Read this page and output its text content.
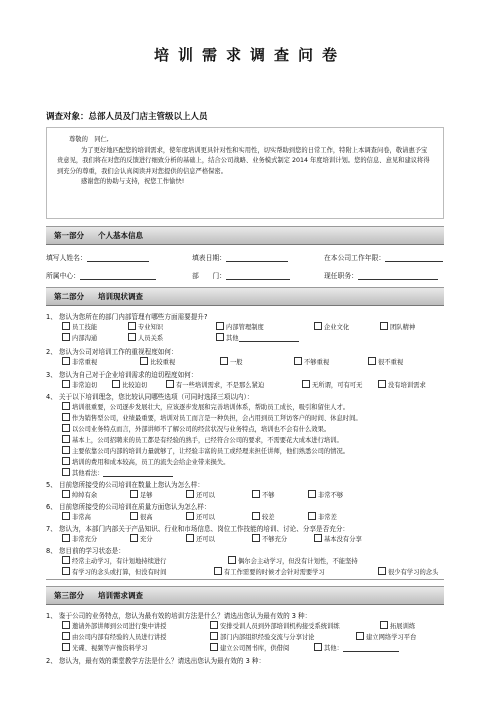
培训需求调查问卷
调查对象：总部人员及门店主管级以上人员
尊敬的　同仁,

为了更好地匹配您的培训需求，使年度培训更具针对性和实用性，切实帮助到您的日常工作，特附上本调查问卷，敬请惠予宝贵意见，我们将在对您的反馈进行细致分析的基础上，结合公司战略、业务模式制定 2014 年度培训计划。您的信息、意见和建议将得到充分的尊重，我们会认真阅读并对您提供的信息严格保密。

感谢您的协助与支持，祝您工作愉快!

第一部分 个人基本信息
填写人姓名：	填表日期：	在本公司工作年限：
所属中心：	部　　门：	现任职务：
第二部分 培训现状调查
1、 您认为您所在的部门内部管理有哪些方面需要提升?
员工技能	专业知识	内部管理制度	企业文化	团队精神
内部沟通	人员关系	其他
2、 您认为公司对培训工作的重视程度如何：
非常重视	比较重视	一般	不够重视	很不重视
3、 您认为自己对于企业培训需求的迫切程度如何：
非常迫切	比较迫切	有一些培训需求，不是那么紧迫	无所谓，可有可无	没有培训需求
4、 关于以下培训理念，您比较认同哪些选项（可同时选择三项以内）：
培训很重要，公司逐步发展壮大，应该逐步发展和完善培训体系，帮助员工成长，吸引和留住人才。
作为销售型公司，业绩最重要，培训对员工而言是一种负担，会占用到员工拜访客户的时间、休息时间。
以公司业务特点而言，外部讲师不了解公司的经营状况与业务特点，培训也不会有什么效果。
基本上，公司招聘来的员工都是有经验的熟手，已经符合公司的要求，不需要花大成本进行培训。
主要依靠公司内部的培训力量就够了，让经验丰富的员工或经理来担任讲师，他们熟悉公司的情况。
培训的费用和成本较高，员工的流失会给企业带来损失。
其他看法：
5、 目前您所接受的公司培训在数量上您认为怎么样：
绰绰有余	足够	还可以	不够	非常不够
6、 目前您所接受的公司培训在质量方面您认为怎么样：
非常高	很高	还可以	较差	非常差
7、 您认为，本部门内部关于产品知识、行业和市场信息、岗位工作技能的培训、讨论、分享是否充分：
非常充分	充分	还可以	不够充分	基本没有分享
8、 您目前的学习状态是：
经常主动学习，有计划地持续进行	偶尔会主动学习，但没有计划性，不能坚持
有学习的念头或打算，但没有时间	有工作需要的时候才会针对需要学习	很少有学习的念头
第三部分 培训需求调查
1、 鉴于公司的业务特点，您认为最有效的培训方法是什么？请选出您认为最有效的 3 种：
邀请外部讲师到公司进行集中讲授	安排受训人员到外部培训机构接受系统训练	拓展训练
由公司内部有经验的人员进行讲授	部门内部组织经验交流与分享讨论	建立网络学习平台
光碟、视频等声像资料学习	建立公司图书库，供借阅	其他：
2、 您认为，最有效的课堂教学方法是什么？请选出您认为最有效的 3 种：
